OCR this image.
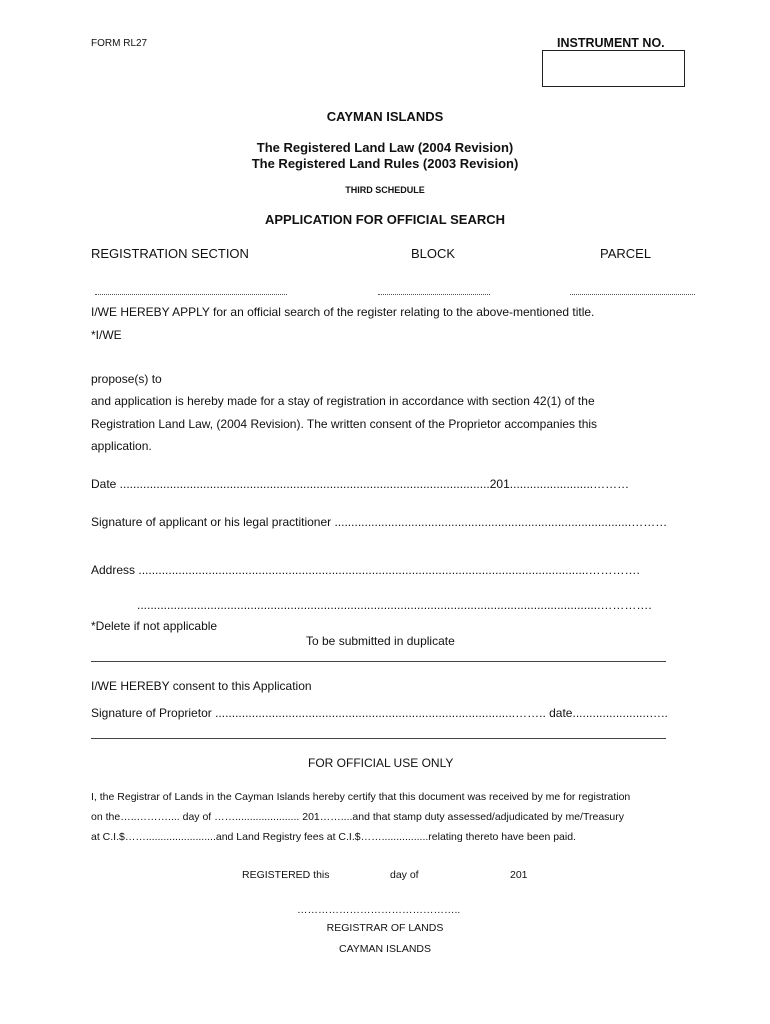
FORM RL27	INSTRUMENT NO.
CAYMAN ISLANDS
The Registered Land Law (2004 Revision)
The Registered Land Rules (2003 Revision)
THIRD SCHEDULE
APPLICATION FOR OFFICIAL SEARCH
REGISTRATION SECTION	BLOCK	PARCEL
I/WE HEREBY APPLY for an official search of the register relating to the above-mentioned title.
*I/WE
propose(s) to
and application is hereby made for a stay of registration in accordance with section 42(1) of the
Registration Land Law, (2004 Revision). The written consent of the Proprietor accompanies this
application.
Date ...............................................................................................................201.........................………
Signature of applicant or his legal practitioner .........................................................................................………
Address .......................................................................................................................................………….
...........................................................................................................................................………….
*Delete if not applicable
To be submitted in duplicate
I/WE HEREBY consent to this Application
Signature of Proprietor ..........................................................................................…….. date.......................…..
FOR OFFICIAL USE ONLY
I, the Registrar of Lands in the Cayman Islands hereby certify that this document was received by me for registration
on the…..……….... day of ……...................... 201……....and that stamp duty assessed/adjudicated by me/Treasury
at C.I.$……........................and Land Registry fees at C.I.$……................relating thereto have been paid.
REGISTERED this	day of	201
………………………………………..
REGISTRAR OF LANDS
CAYMAN ISLANDS
